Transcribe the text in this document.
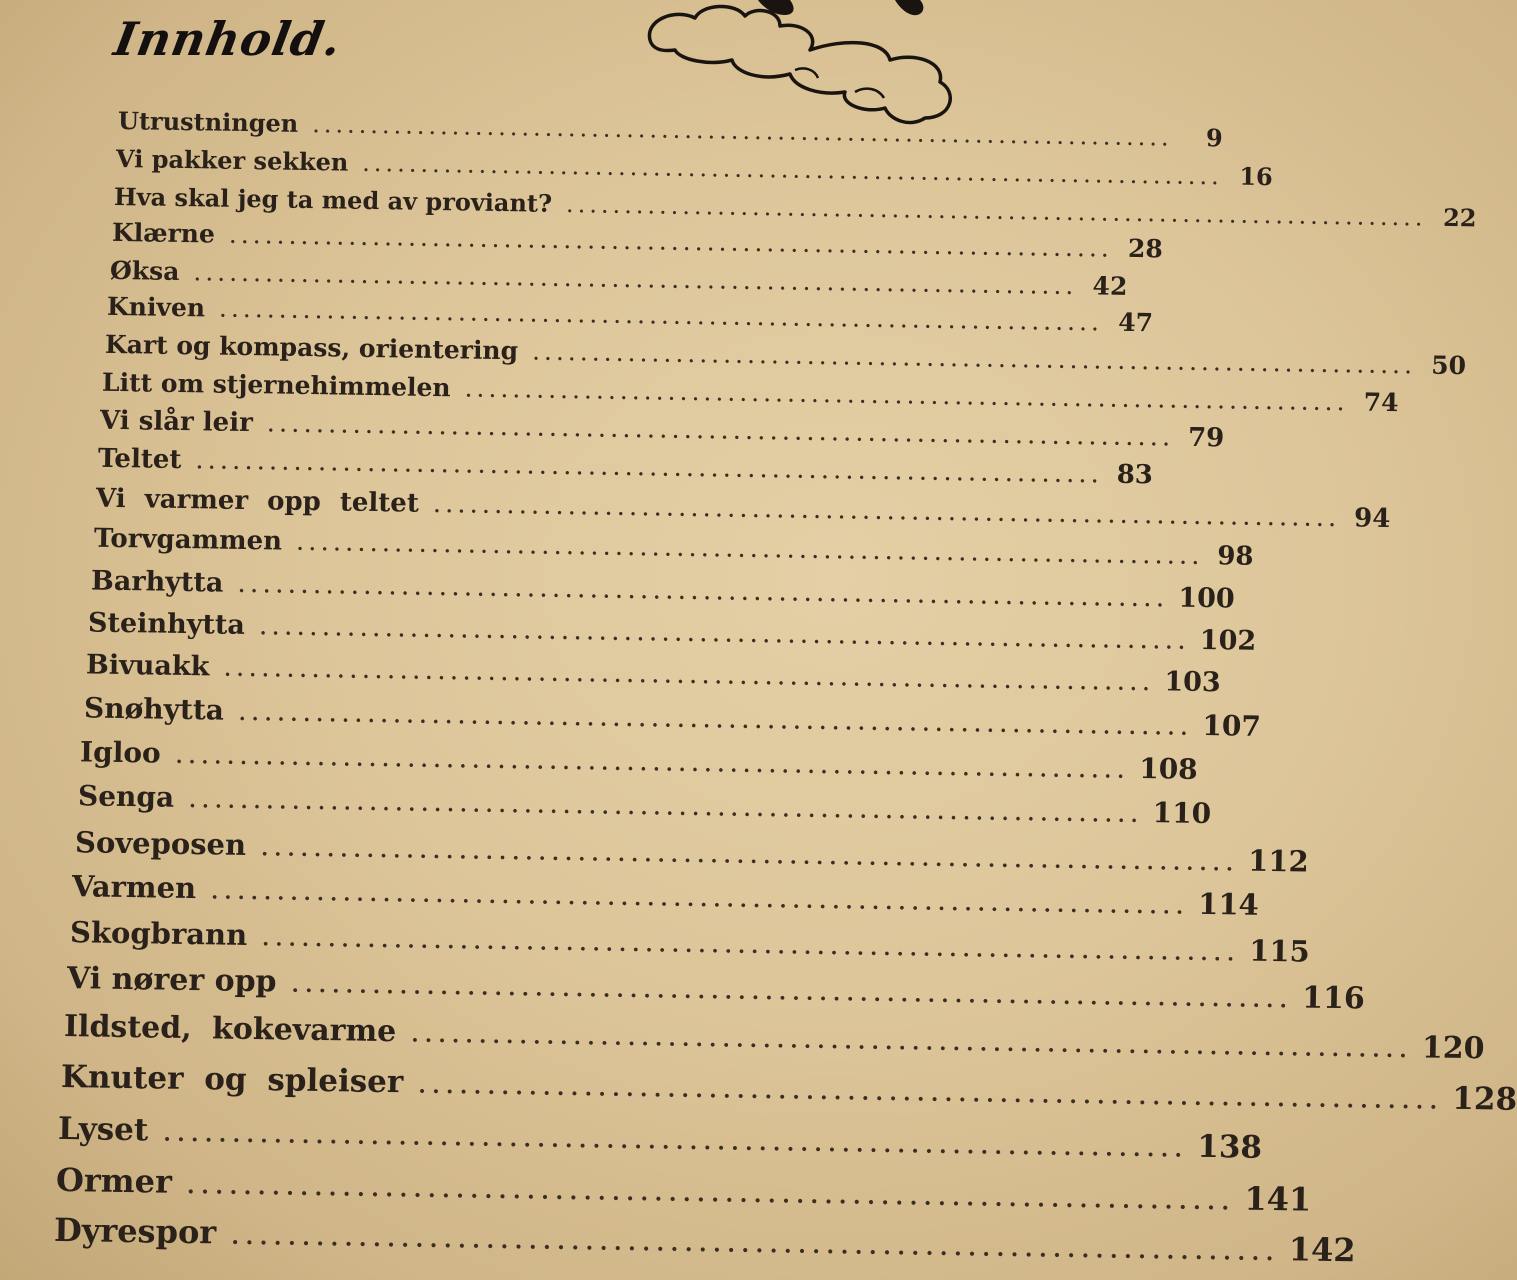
Innhold.
Utrustningen ..........................................................................	9
Vi pakker sekken .......................................................................... 16
Hva skal jeg ta med av proviant? .......................................................................... 22
Klærne .......................................................................... 28
Øksa .......................................................................... 42
Kniven .......................................................................... 47
Kart og kompass, orientering .......................................................................... 50
Litt om stjernehimmelen .......................................................................... 74
Vi slår leir .......................................................................... 79
Teltet .......................................................................... 83
Vi varmer opp teltet .......................................................................... 94
Torvgammen .......................................................................... 98
Barhytta .......................................................................... 100
Steinhytta .......................................................................... 102
Bivuakk .......................................................................... 103
Snøhytta .......................................................................... 107
Igloo .......................................................................... 108
Senga .......................................................................... 110
Soveposen .......................................................................... 112
Varmen .......................................................................... 114
Skogbrann .......................................................................... 115
Vi nører opp .......................................................................... 116
Ildsted, kokevarme .......................................................................... 120
Knuter og spleiser .......................................................................... 128
Lyset .......................................................................... 138
Ormer .......................................................................... 141
Dyrespor .......................................................................... 142
